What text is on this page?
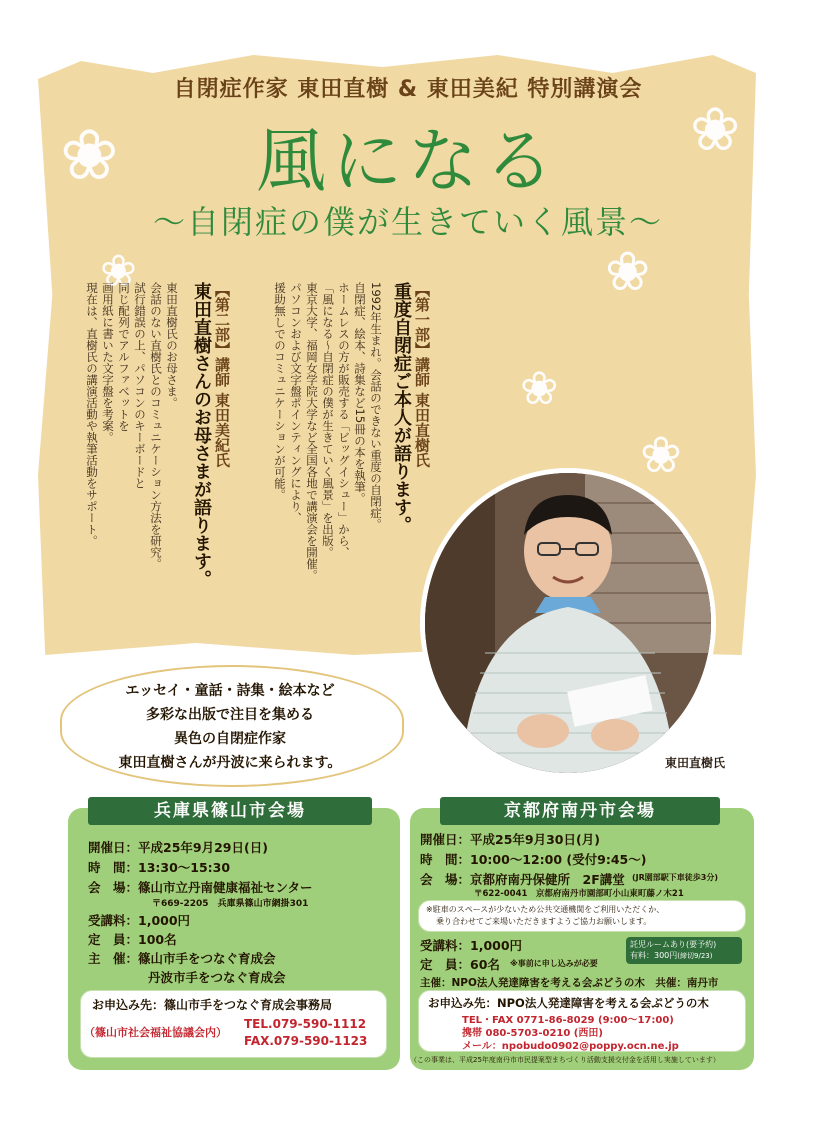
❀	❀
❀
❀
❀
❀
自閉症作家 東田直樹 & 東田美紀 特別講演会
風になる
〜自閉症の僕が生きていく風景〜
【第一部】講師 東田直樹氏
重度自閉症ご本人が語ります。
1992年生まれ。会話のできない重度の自閉症。
自閉症、絵本、詩集など15冊の本を執筆。
ホームレスの方が販売する「ビッグイシュー」から、
「風になる〜自閉症の僕が生きていく風景」を出版。
東京大学、福岡女学院大学など全国各地で講演会を開催。
パソコンおよび文字盤ポインティングにより、
援助無しでのコミュニケーションが可能。
【第二部】講師 東田美紀氏
東田直樹さんのお母さまが語ります。
東田直樹氏のお母さま。
会話のない直樹氏とのコミュニケーション方法を研究。
試行錯誤の上、パソコンのキーボードと
同じ配列でアルファベットを
画用紙に書いた文字盤を考案。
現在は、直樹氏の講演活動や執筆活動をサポート。
東田直樹氏
エッセイ・童話・詩集・絵本など
多彩な出版で注目を集める
異色の自閉症作家
東田直樹さんが丹波に来られます。
兵庫県篠山市会場
開催日：平成25年9月29日(日)
時　間：13:30〜15:30
会　場：篠山市立丹南健康福祉センター
〒669-2205　兵庫県篠山市網掛301
受講料：1,000円
定　員：100名
主　催：篠山市手をつなぐ育成会
丹波市手をつなぐ育成会
お申込み先：篠山市手をつなぐ育成会事務局
（篠山市社会福祉協議会内）
TEL.079-590-1112
FAX.079-590-1123
京都府南丹市会場
開催日：平成25年9月30日(月)
時　間：10:00〜12:00 (受付9:45〜)
会　場：京都府南丹保健所　2F講堂 (JR園部駅下車徒歩3分)
〒622-0041　京都府南丹市園部町小山東町藤ノ木21
※駐車のスペースが少ないため公共交通機関をご利用いただくか、
乗り合わせてご来場いただきますようご協力お願いします。
受講料：1,000円
定　員：60名 ※事前に申し込みが必要
託児ルームあり(要予約)
有料：300円(締切9/23)
主催：NPO法人発達障害を考える会ぷどうの木　共催：南丹市
お申込み先：NPO法人発達障害を考える会ぷどうの木
TEL・FAX 0771-86-8029 (9:00〜17:00)
携帯 080-5703-0210 (西田)
メール：npobudo0902@poppy.ocn.ne.jp
（この事業は、平成25年度南丹市市民提案型まちづくり活動支援交付金を活用し実施しています）
